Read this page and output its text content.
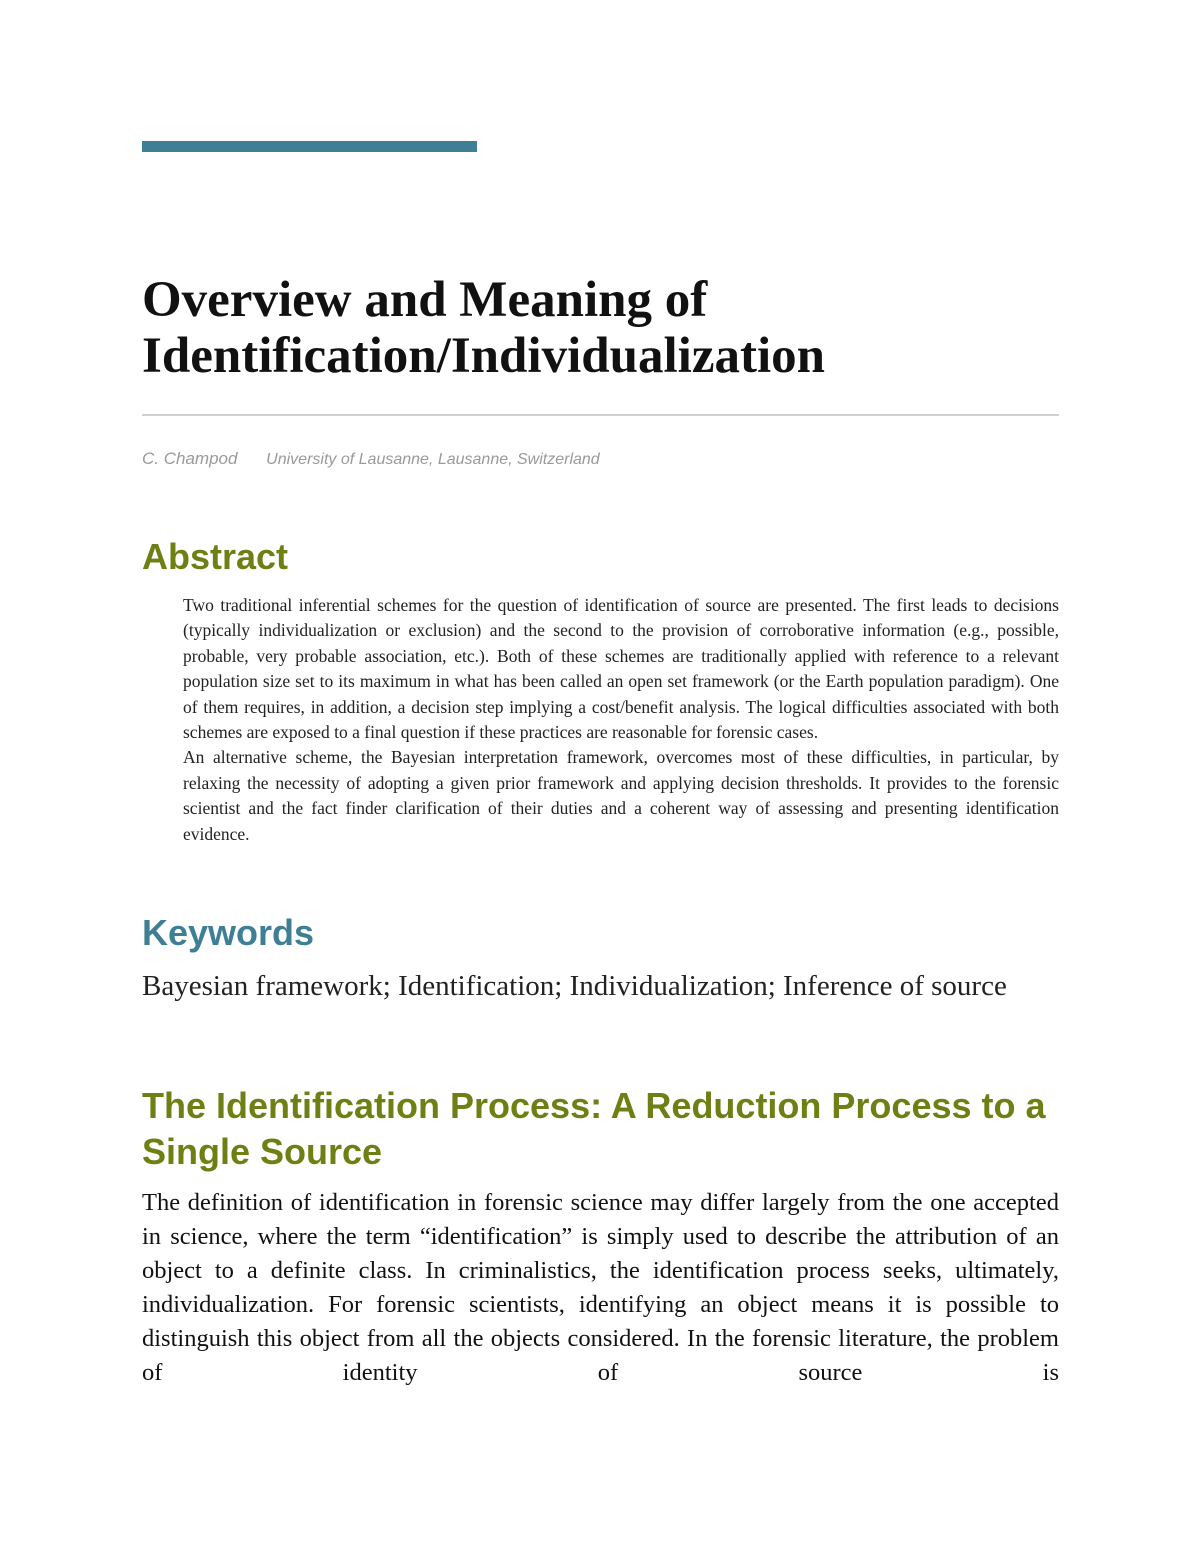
Overview and Meaning of
Identification/Individualization
C. Champod University of Lausanne, Lausanne, Switzerland
Abstract

Two traditional inferential schemes for the question of identification of source are presented. The first leads to decisions (typically individualization or exclusion) and the second to the provision of corroborative information (e.g., possible, probable, very probable association, etc.). Both of these schemes are traditionally applied with reference to a relevant population size set to its maximum in what has been called an open set framework (or the Earth population paradigm). One of them requires, in addition, a decision step implying a cost/benefit analysis. The logical difficulties associated with both schemes are exposed to a final question if these practices are reasonable for forensic cases.

An alternative scheme, the Bayesian interpretation framework, overcomes most of these difficulties, in particular, by relaxing the necessity of adopting a given prior framework and applying decision thresholds. It provides to the forensic scientist and the fact finder clarification of their duties and a coherent way of assessing and presenting identification evidence.

Keywords
Bayesian framework; Identification; Individualization; Inference of source
The Identification Process: A Reduction Process to a Single Source

The definition of identification in forensic science may differ largely from the one accepted in science, where the term “identification” is simply used to describe the attribution of an object to a definite class. In criminalistics, the identification process seeks, ultimately, individualization. For forensic scientists, identifying an object means it is possible to distinguish this object from all the objects considered. In the forensic literature, the problem of identity of source is
